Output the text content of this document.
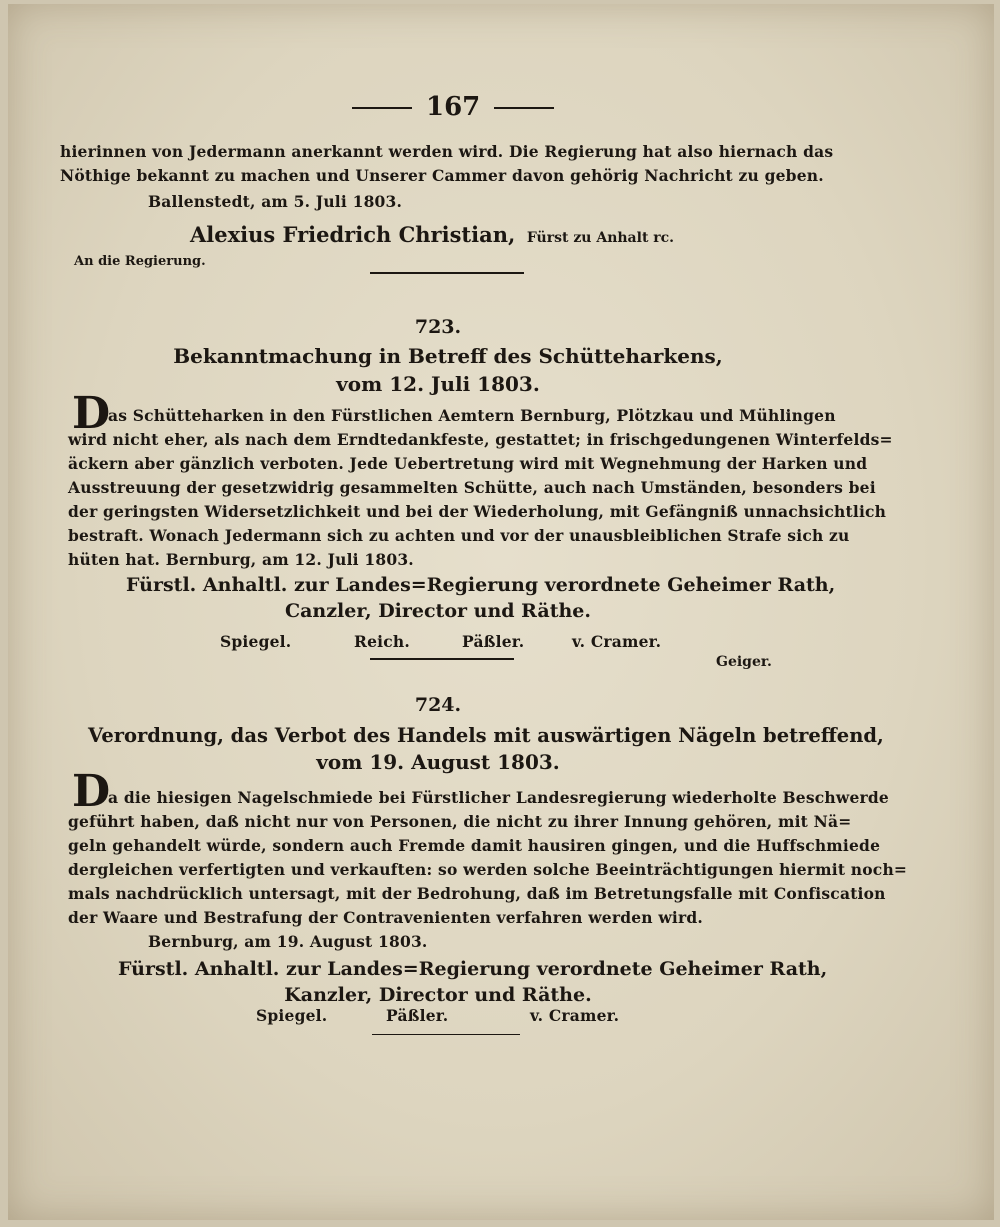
167
hierinnen von Jedermann anerkannt werden wird. Die Regierung hat also hiernach das
Nöthige bekannt zu machen und Unserer Cammer davon gehörig Nachricht zu geben.
Ballenstedt, am 5. Juli 1803.
Alexius Friedrich Christian, Fürst zu Anhalt rc.
An die Regierung.
723.
Bekanntmachung in Betreff des Schütteharkens,
vom 12. Juli 1803.
D
as Schütteharken in den Fürstlichen Aemtern Bernburg, Plötzkau und Mühlingen
wird nicht eher, als nach dem Erndtedankfeste, gestattet; in frischgedungenen Winterfelds=
äckern aber gänzlich verboten. Jede Uebertretung wird mit Wegnehmung der Harken und
Ausstreuung der gesetzwidrig gesammelten Schütte, auch nach Umständen, besonders bei
der geringsten Widersetzlichkeit und bei der Wiederholung, mit Gefängniß unnachsichtlich
bestraft. Wonach Jedermann sich zu achten und vor der unausbleiblichen Strafe sich zu
hüten hat. Bernburg, am 12. Juli 1803.
Fürstl. Anhaltl. zur Landes=Regierung verordnete Geheimer Rath,
Canzler, Director und Räthe.
Spiegel.	Reich.	Päßler.	v. Cramer.
Geiger.
724.
Verordnung, das Verbot des Handels mit auswärtigen Nägeln betreffend,
vom 19. August 1803.
D
a die hiesigen Nagelschmiede bei Fürstlicher Landesregierung wiederholte Beschwerde
geführt haben, daß nicht nur von Personen, die nicht zu ihrer Innung gehören, mit Nä=
geln gehandelt würde, sondern auch Fremde damit hausiren gingen, und die Huffschmiede
dergleichen verfertigten und verkauften: so werden solche Beeinträchtigungen hiermit noch=
mals nachdrücklich untersagt, mit der Bedrohung, daß im Betretungsfalle mit Confiscation
der Waare und Bestrafung der Contravenienten verfahren werden wird.
Bernburg, am 19. August 1803.
Fürstl. Anhaltl. zur Landes=Regierung verordnete Geheimer Rath,
Kanzler, Director und Räthe.
Spiegel.	Päßler.	v. Cramer.
